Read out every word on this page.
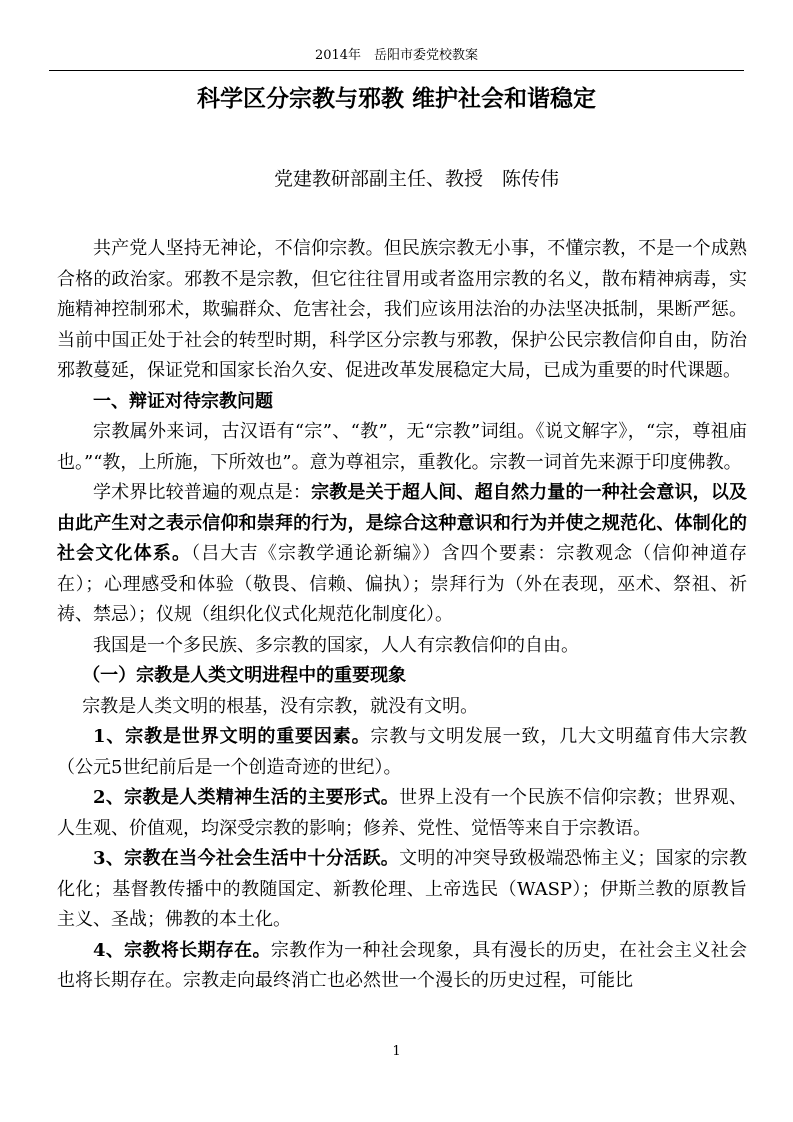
2014年　岳阳市委党校教案
科学区分宗教与邪教 维护社会和谐稳定
党建教研部副主任、教授　陈传伟

共产党人坚持无神论，不信仰宗教。但民族宗教无小事，不懂宗教，不是一个成熟合格的政治家。邪教不是宗教，但它往往冒用或者盗用宗教的名义，散布精神病毒，实施精神控制邪术，欺骗群众、危害社会，我们应该用法治的办法坚决抵制，果断严惩。当前中国正处于社会的转型时期，科学区分宗教与邪教，保护公民宗教信仰自由，防治邪教蔓延，保证党和国家长治久安、促进改革发展稳定大局，已成为重要的时代课题。

一、辩证对待宗教问题

宗教属外来词，古汉语有“宗”、“教”，无“宗教”词组。《说文解字》，“宗，尊祖庙也。”“教，上所施，下所效也”。意为尊祖宗，重教化。宗教一词首先来源于印度佛教。

学术界比较普遍的观点是：宗教是关于超人间、超自然力量的一种社会意识，以及由此产生对之表示信仰和崇拜的行为，是综合这种意识和行为并使之规范化、体制化的社会文化体系。（吕大吉《宗教学通论新编》）含四个要素：宗教观念（信仰神道存在）；心理感受和体验（敬畏、信赖、偏执）；崇拜行为（外在表现，巫术、祭祖、祈祷、禁忌）；仪规（组织化仪式化规范化制度化）。

我国是一个多民族、多宗教的国家，人人有宗教信仰的自由。

（一）宗教是人类文明进程中的重要现象

宗教是人类文明的根基，没有宗教，就没有文明。

1、宗教是世界文明的重要因素。宗教与文明发展一致，几大文明蕴育伟大宗教（公元5世纪前后是一个创造奇迹的世纪）。

2、宗教是人类精神生活的主要形式。世界上没有一个民族不信仰宗教；世界观、人生观、价值观，均深受宗教的影响；修养、党性、觉悟等来自于宗教语。

3、宗教在当今社会生活中十分活跃。文明的冲突导致极端恐怖主义；国家的宗教化化；基督教传播中的教随国定、新教伦理、上帝选民（WASP）；伊斯兰教的原教旨主义、圣战；佛教的本土化。

4、宗教将长期存在。宗教作为一种社会现象，具有漫长的历史，在社会主义社会也将长期存在。宗教走向最终消亡也必然世一个漫长的历史过程，可能比

1
